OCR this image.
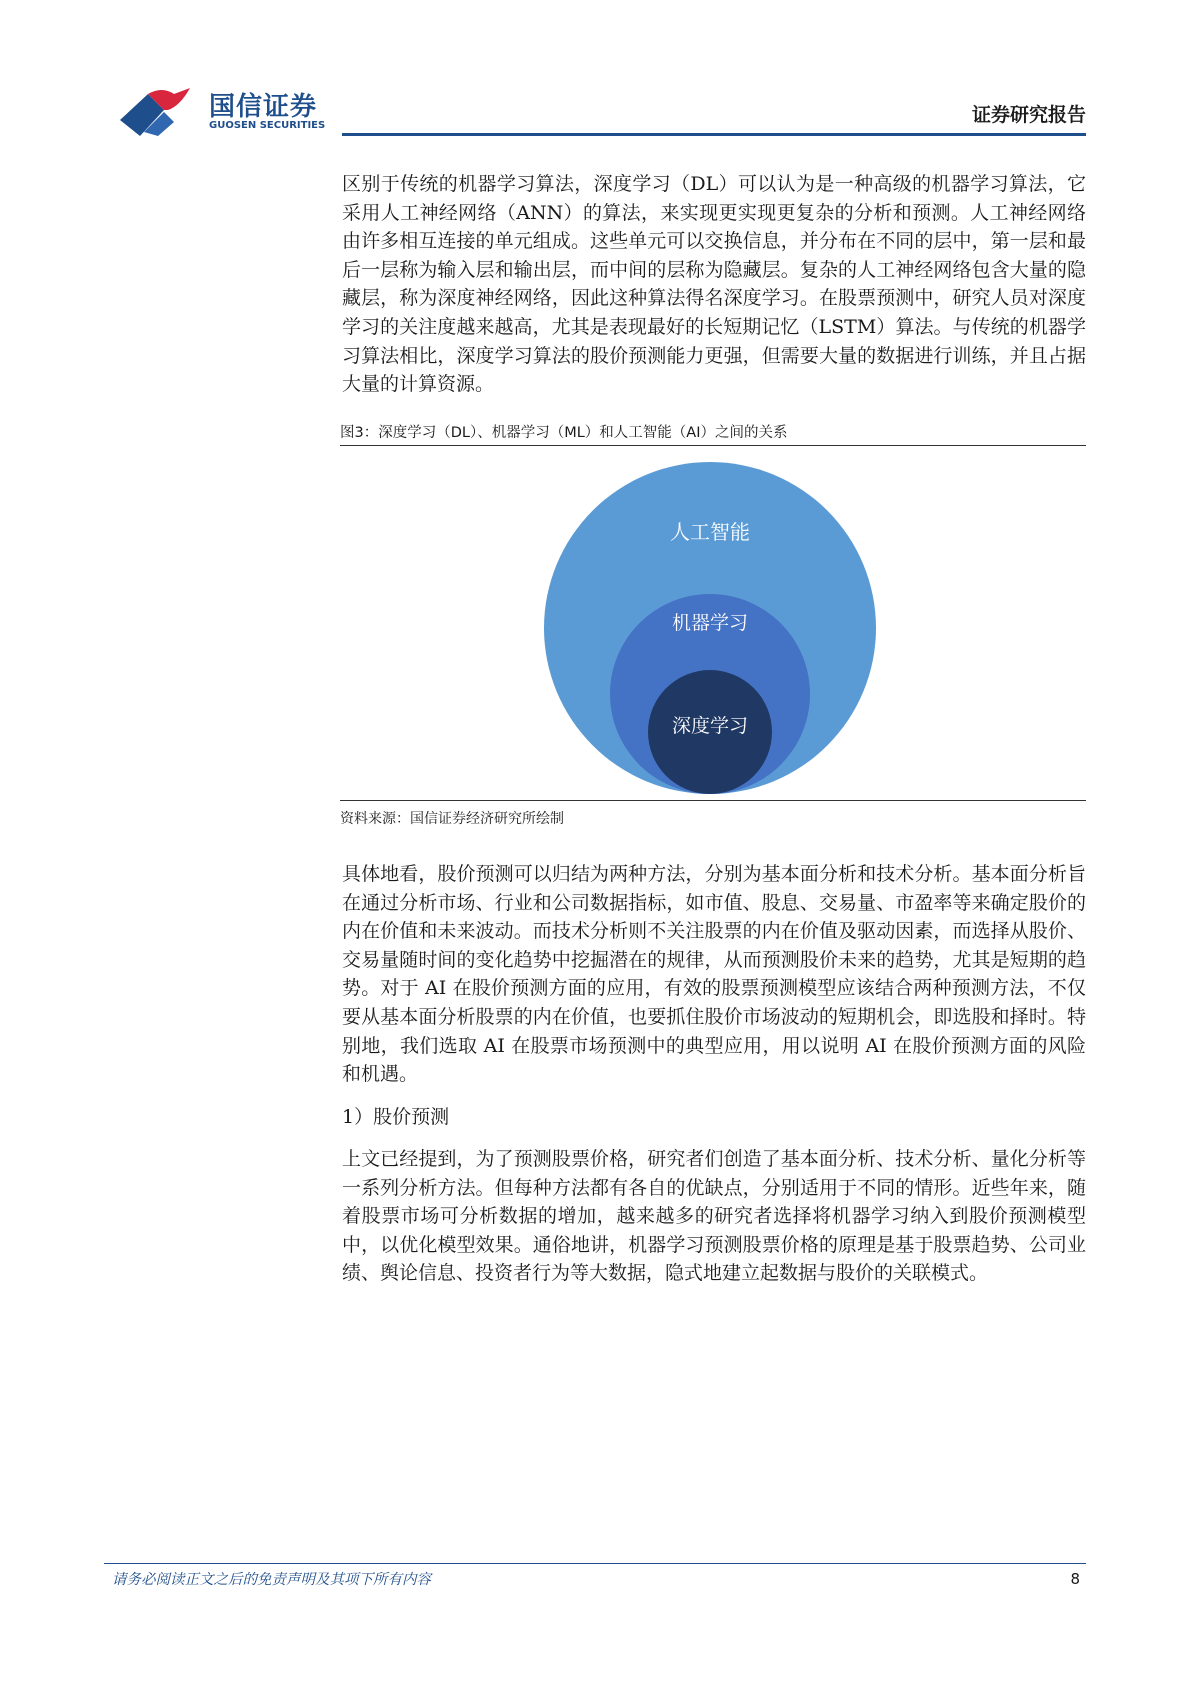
国信证券
GUOSEN SECURITIES	证券研究报告

区别于传统的机器学习算法，深度学习（DL）可以认为是一种高级的机器学习算法，它采用人工神经网络（ANN）的算法，来实现更实现更复杂的分析和预测。人工神经网络由许多相互连接的单元组成。这些单元可以交换信息，并分布在不同的层中，第一层和最后一层称为输入层和输出层，而中间的层称为隐藏层。复杂的人工神经网络包含大量的隐藏层，称为深度神经网络，因此这种算法得名深度学习。在股票预测中，研究人员对深度学习的关注度越来越高，尤其是表现最好的长短期记忆（LSTM）算法。与传统的机器学习算法相比，深度学习算法的股价预测能力更强，但需要大量的数据进行训练，并且占据大量的计算资源。

图3：深度学习（DL）、机器学习（ML）和人工智能（AI）之间的关系
人工智能
机器学习
深度学习
资料来源：国信证券经济研究所绘制

具体地看，股价预测可以归结为两种方法，分别为基本面分析和技术分析。基本面分析旨在通过分析市场、行业和公司数据指标，如市值、股息、交易量、市盈率等来确定股价的内在价值和未来波动。而技术分析则不关注股票的内在价值及驱动因素，而选择从股价、交易量随时间的变化趋势中挖掘潜在的规律，从而预测股价未来的趋势，尤其是短期的趋势。对于 AI 在股价预测方面的应用，有效的股票预测模型应该结合两种预测方法，不仅要从基本面分析股票的内在价值，也要抓住股价市场波动的短期机会，即选股和择时。特别地，我们选取 AI 在股票市场预测中的典型应用，用以说明 AI 在股价预测方面的风险和机遇。

1）股价预测

上文已经提到，为了预测股票价格，研究者们创造了基本面分析、技术分析、量化分析等一系列分析方法。但每种方法都有各自的优缺点，分别适用于不同的情形。近些年来，随着股票市场可分析数据的增加，越来越多的研究者选择将机器学习纳入到股价预测模型中，以优化模型效果。通俗地讲，机器学习预测股票价格的原理是基于股票趋势、公司业绩、舆论信息、投资者行为等大数据，隐式地建立起数据与股价的关联模式。

请务必阅读正文之后的免责声明及其项下所有内容	8
